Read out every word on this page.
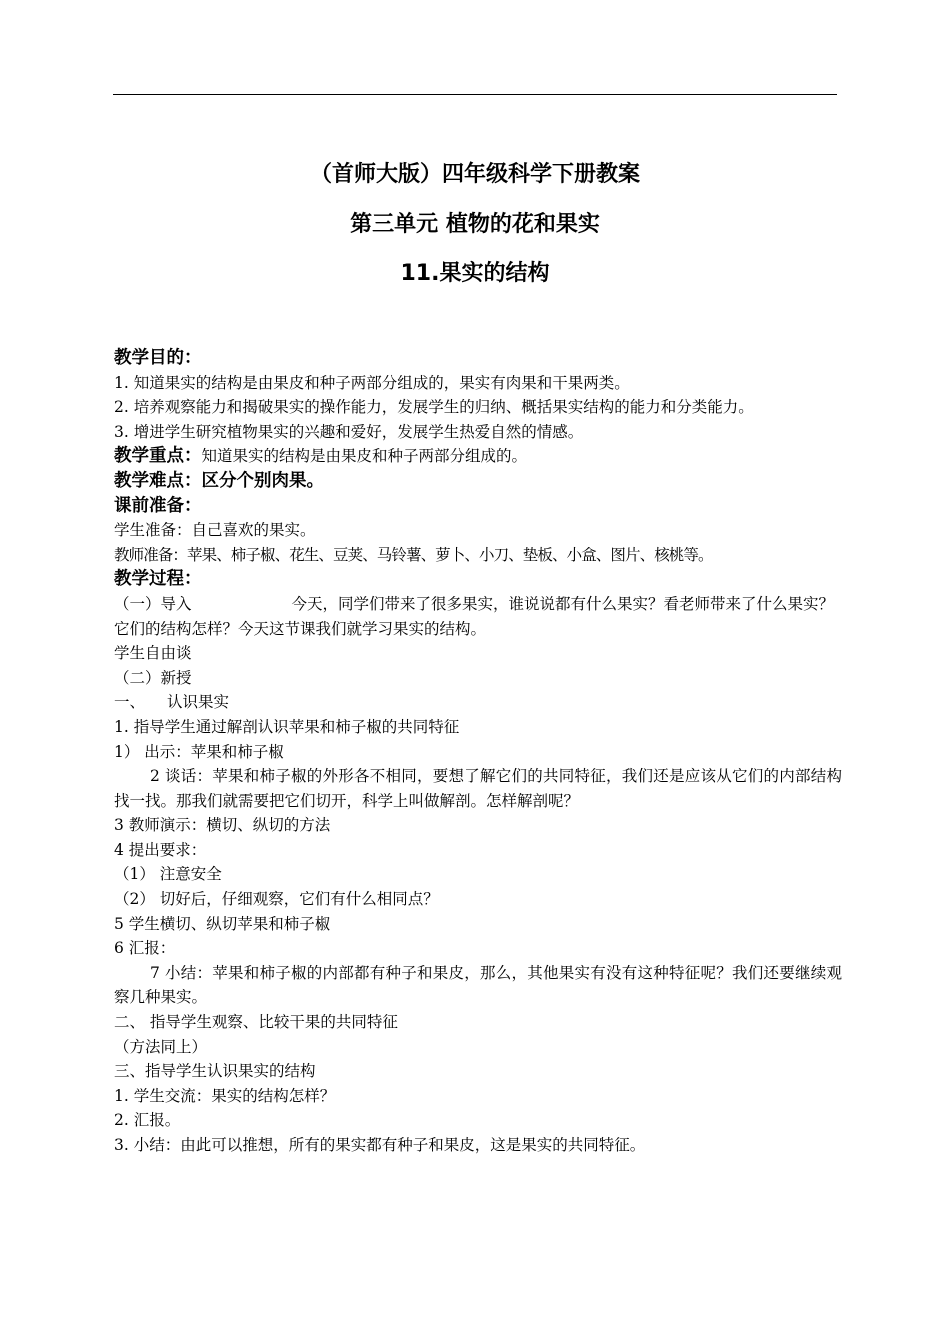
（首师大版）四年级科学下册教案
第三单元 植物的花和果实
11.果实的结构

教学目的：

1. 知道果实的结构是由果皮和种子两部分组成的，果实有肉果和干果两类。

2. 培养观察能力和揭破果实的操作能力，发展学生的归纳、概括果实结构的能力和分类能力。

3. 增进学生研究植物果实的兴趣和爱好，发展学生热爱自然的情感。

教学重点：知道果实的结构是由果皮和种子两部分组成的。

教学难点：区分个别肉果。

课前准备：

学生准备：自己喜欢的果实。

教师准备：苹果、柿子椒、花生、豆荚、马铃薯、萝卜、小刀、垫板、小盒、图片、核桃等。

教学过程：

（一）导入	今天，同学们带来了很多果实，谁说说都有什么果实？看老师带来了什么果实？

它们的结构怎样？今天这节课我们就学习果实的结构。

学生自由谈

（二）新授

一、 认识果实

1. 指导学生通过解剖认识苹果和柿子椒的共同特征

1） 出示：苹果和柿子椒

2 谈话：苹果和柿子椒的外形各不相同，要想了解它们的共同特征，我们还是应该从它们的内部结构找一找。那我们就需要把它们切开，科学上叫做解剖。怎样解剖呢？

3 教师演示：横切、纵切的方法

4 提出要求：

（1） 注意安全

（2） 切好后，仔细观察，它们有什么相同点？

5 学生横切、纵切苹果和柿子椒

6 汇报：

7 小结：苹果和柿子椒的内部都有种子和果皮，那么，其他果实有没有这种特征呢？我们还要继续观察几种果实。

二、 指导学生观察、比较干果的共同特征

（方法同上）

三、指导学生认识果实的结构

1. 学生交流：果实的结构怎样？

2. 汇报。

3. 小结：由此可以推想，所有的果实都有种子和果皮，这是果实的共同特征。
